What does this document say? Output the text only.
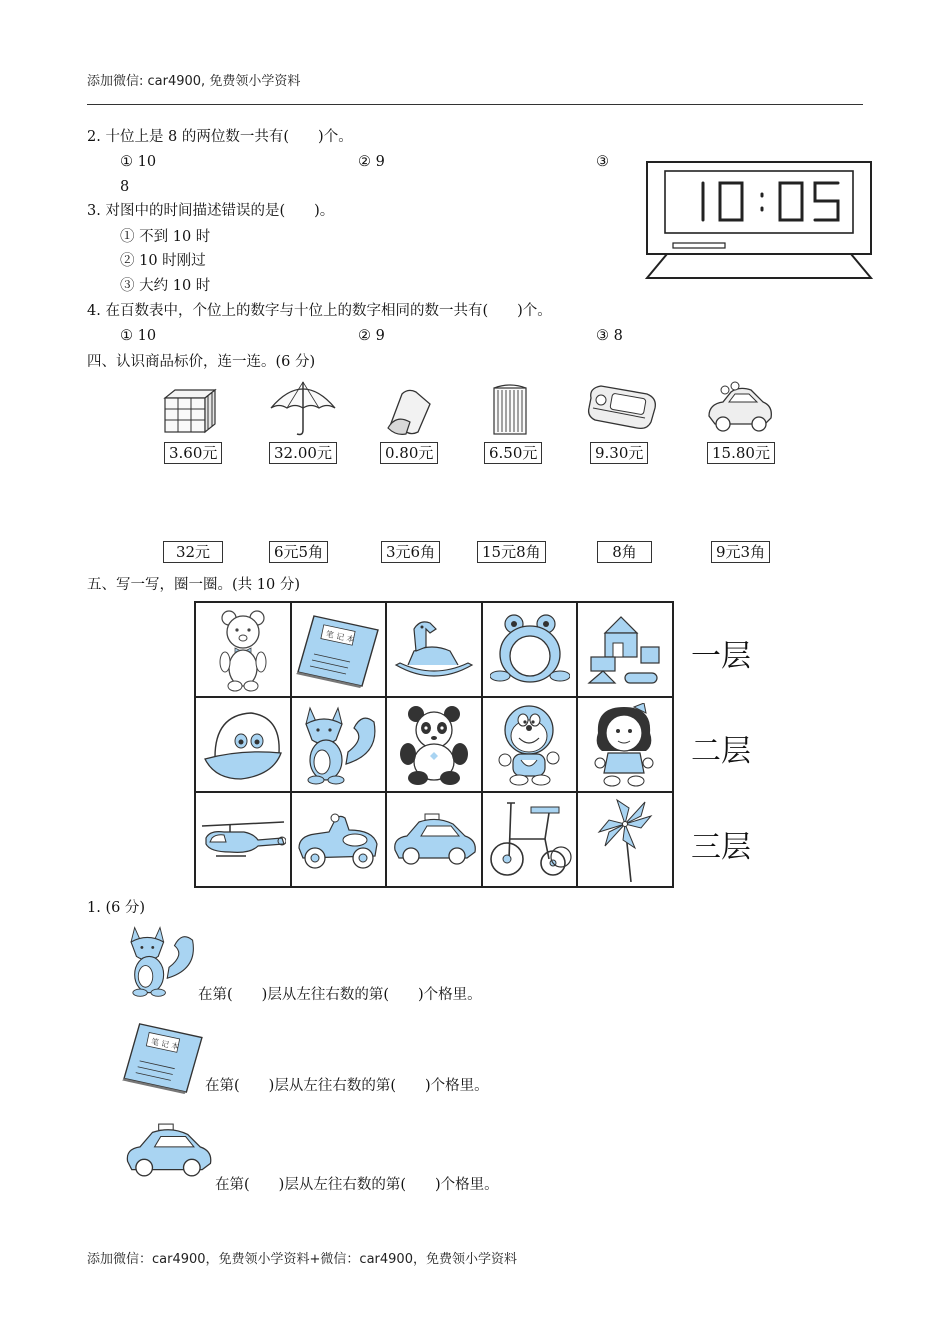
添加微信: car4900, 免费领小学资料
2. 十位上是 8 的两位数一共有(　　)个。
① 10	② 9	③
8
3. 对图中的时间描述错误的是(　　)。
① 不到 10 时
② 10 时刚过
③ 大约 10 时
10:05
4. 在百数表中，个位上的数字与十位上的数字相同的数一共有(　　)个。
① 10	② 9	③ 8
四、认识商品标价，连一连。(6 分)
3.60元	32.00元	0.80元	6.50元	9.30元	15.80元
32元	6元5角	3元6角	15元8角	8角	9元3角
五、写一写，圈一圈。(共 10 分)
笔 记 本
一层
二层
三层
1. (6 分)
在第(　　)层从左往右数的第(　　)个格里。
笔 记 本
在第(　　)层从左往右数的第(　　)个格里。
在第(　　)层从左往右数的第(　　)个格里。
添加微信：car4900，免费领小学资料+微信：car4900，免费领小学资料
